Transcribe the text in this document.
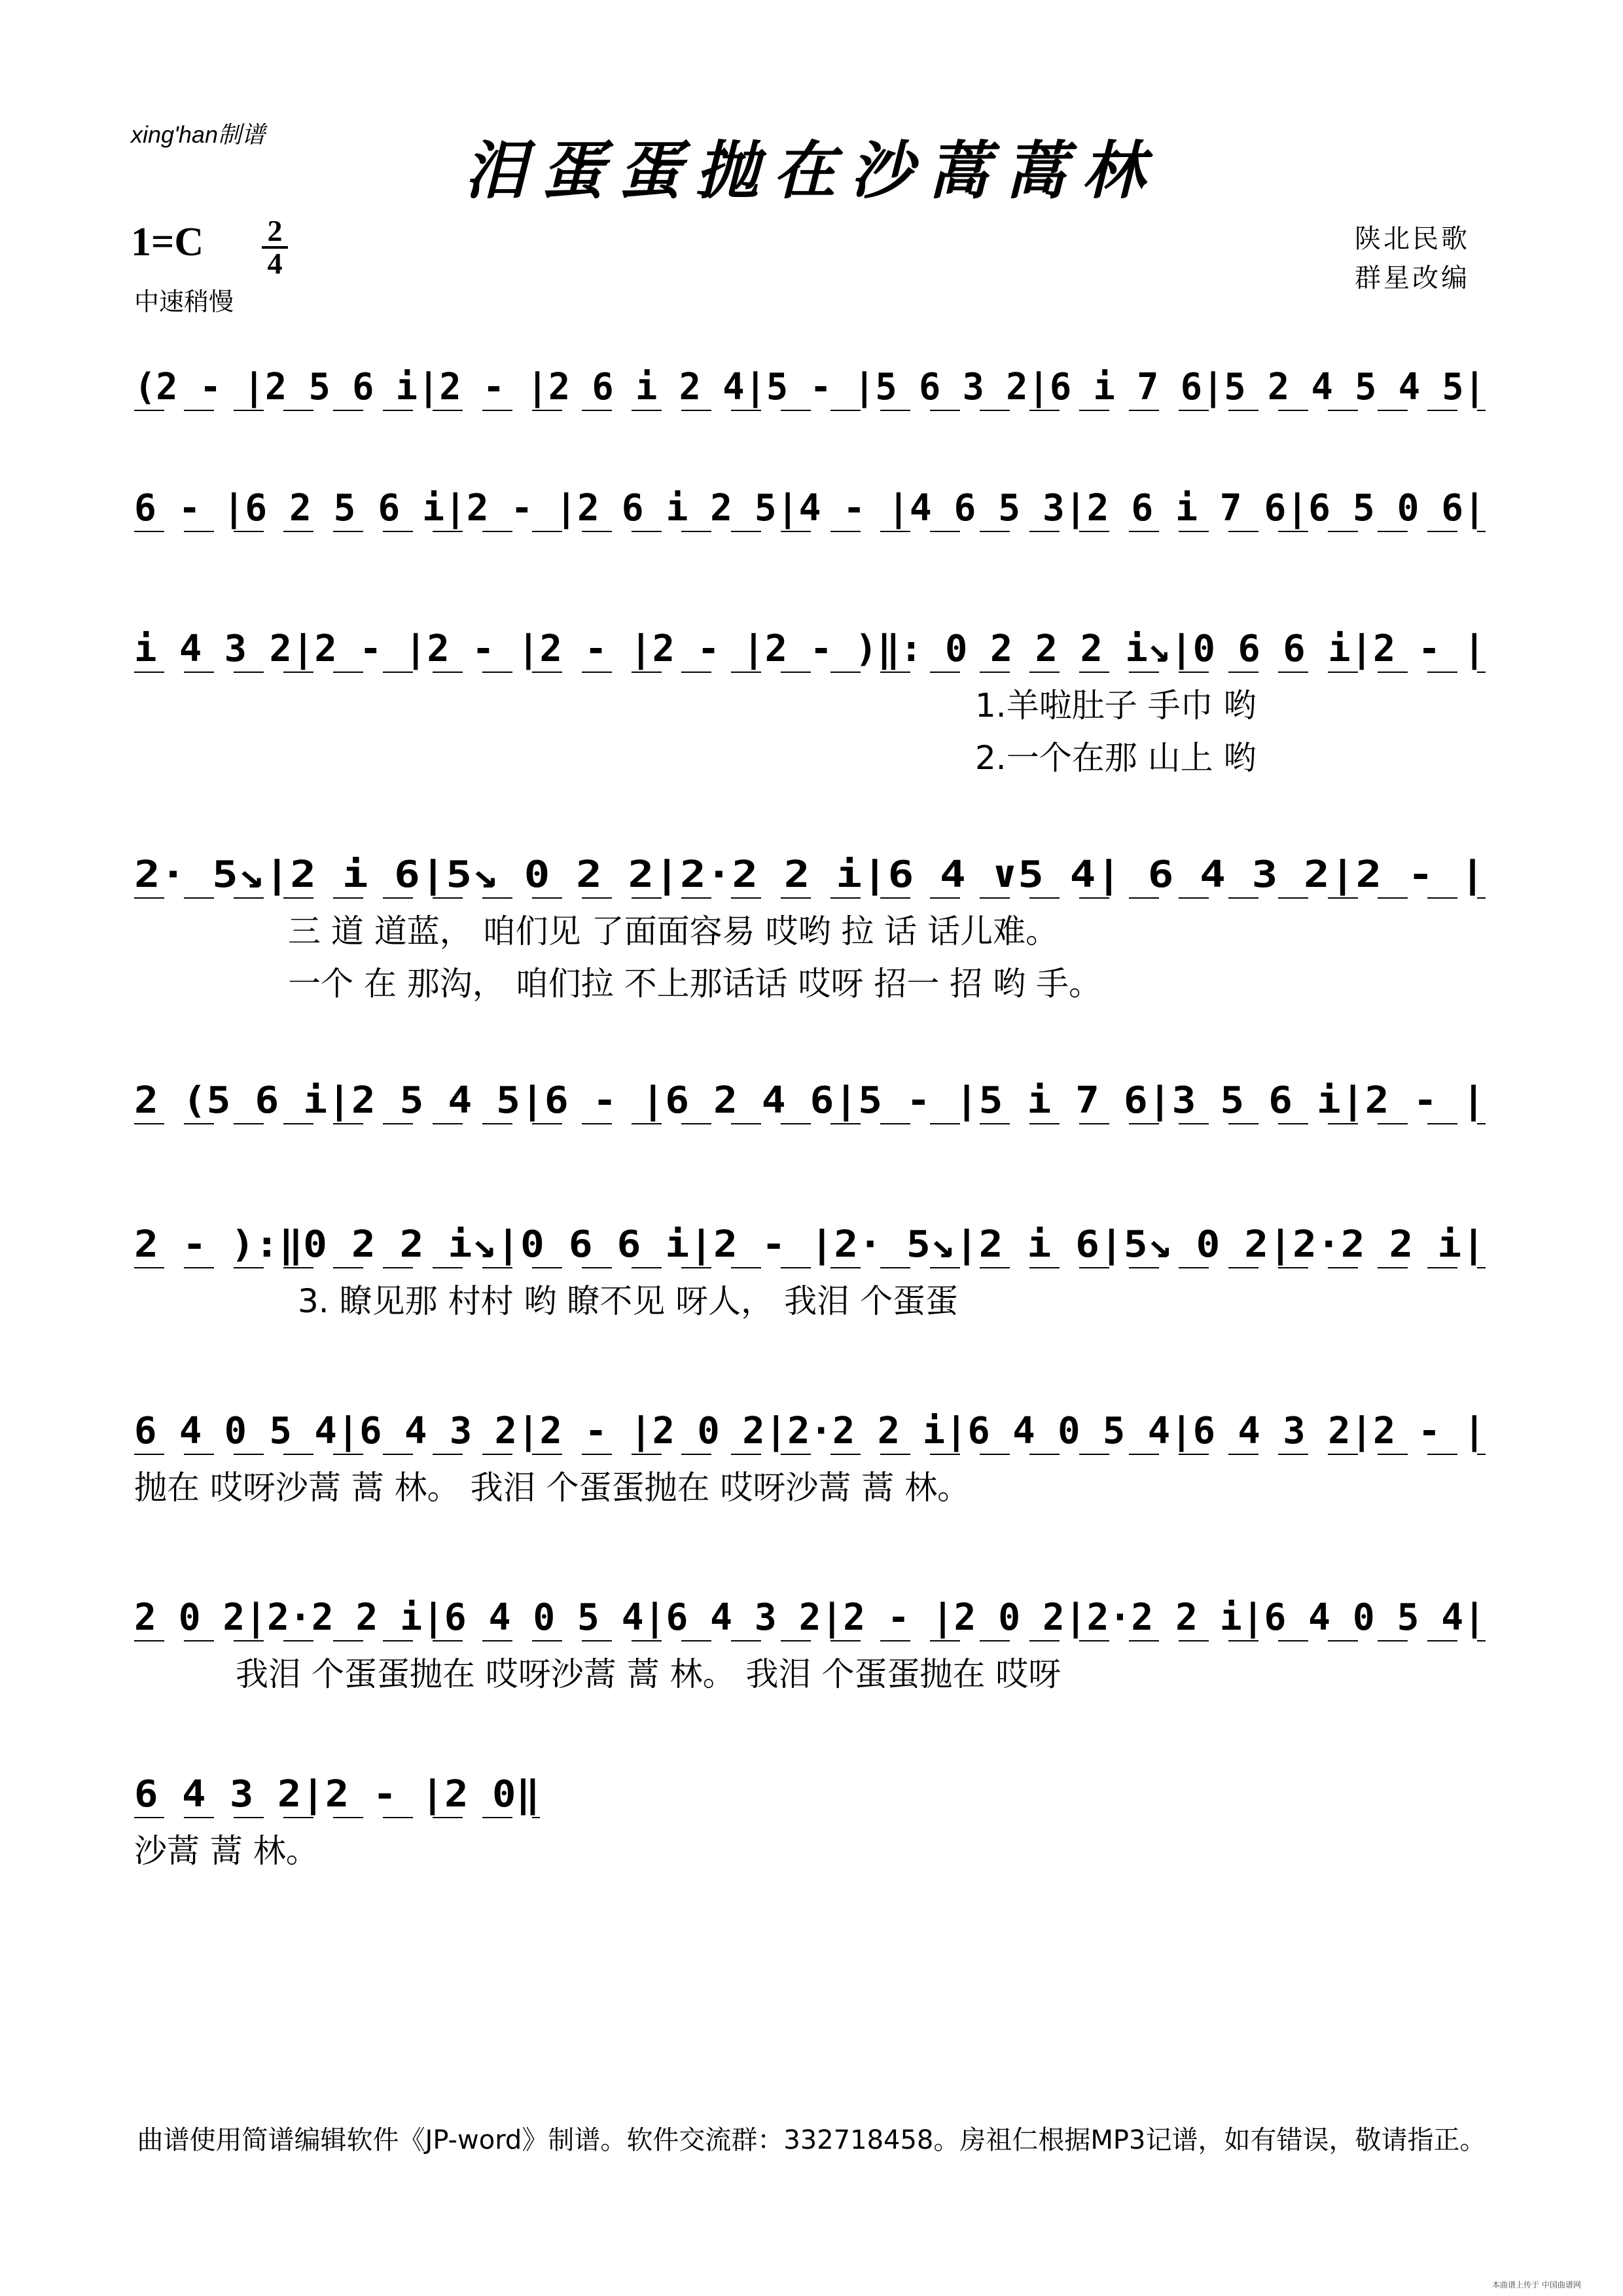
xing'han制谱	泪蛋蛋抛在沙蒿蒿林
1=C 2
4
中速稍慢
陕北民歌
群星改编
(2 - |2 5 6 i|2 - |2 6 i 2 4|5 - |5 6 3 2|6 i 7 6|5 2 4 5 4 5|
6 - |6 2 5 6 i|2 - |2 6 i 2 5|4 - |4 6 5 3|2 6 i 7 6|6 5 0 6|
i 4 3 2|2 - |2 - |2 - |2 - |2 - )‖: 0 2 2 2 i↘|0 6 6 i|2 - |
1.羊啦肚子 手巾 哟
2.一个在那 山上 哟
2· 5↘|2 i 6|5↘ 0 2 2|2·2 2 i|6 4 ∨5 4| 6 4 3 2|2 - |
三 道 道蓝， 咱们见 了面面容易 哎哟 拉 话 话儿难。
一个 在 那沟， 咱们拉 不上那话话 哎呀 招一 招 哟 手。
2 (5 6 i|2 5 4 5|6 - |6 2 4 6|5 - |5 i 7 6|3 5 6 i|2 - |
2 - ):‖0 2 2 i↘|0 6 6 i|2 - |2· 5↘|2 i 6|5↘ 0 2|2·2 2 i|
3. 瞭见那 村村 哟 瞭不见 呀人， 我泪 个蛋蛋
6 4 0 5 4|6 4 3 2|2 - |2 0 2|2·2 2 i|6 4 0 5 4|6 4 3 2|2 - |
抛在 哎呀沙蒿 蒿 林。 我泪 个蛋蛋抛在 哎呀沙蒿 蒿 林。
2 0 2|2·2 2 i|6 4 0 5 4|6 4 3 2|2 - |2 0 2|2·2 2 i|6 4 0 5 4|
我泪 个蛋蛋抛在 哎呀沙蒿 蒿 林。 我泪 个蛋蛋抛在 哎呀
6 4 3 2|2 - |2 0‖
沙蒿 蒿 林。
曲谱使用简谱编辑软件《JP-word》制谱。软件交流群：332718458。房祖仁根据MP3记谱，如有错误，敬请指正。
本曲谱上传于 中国曲谱网
